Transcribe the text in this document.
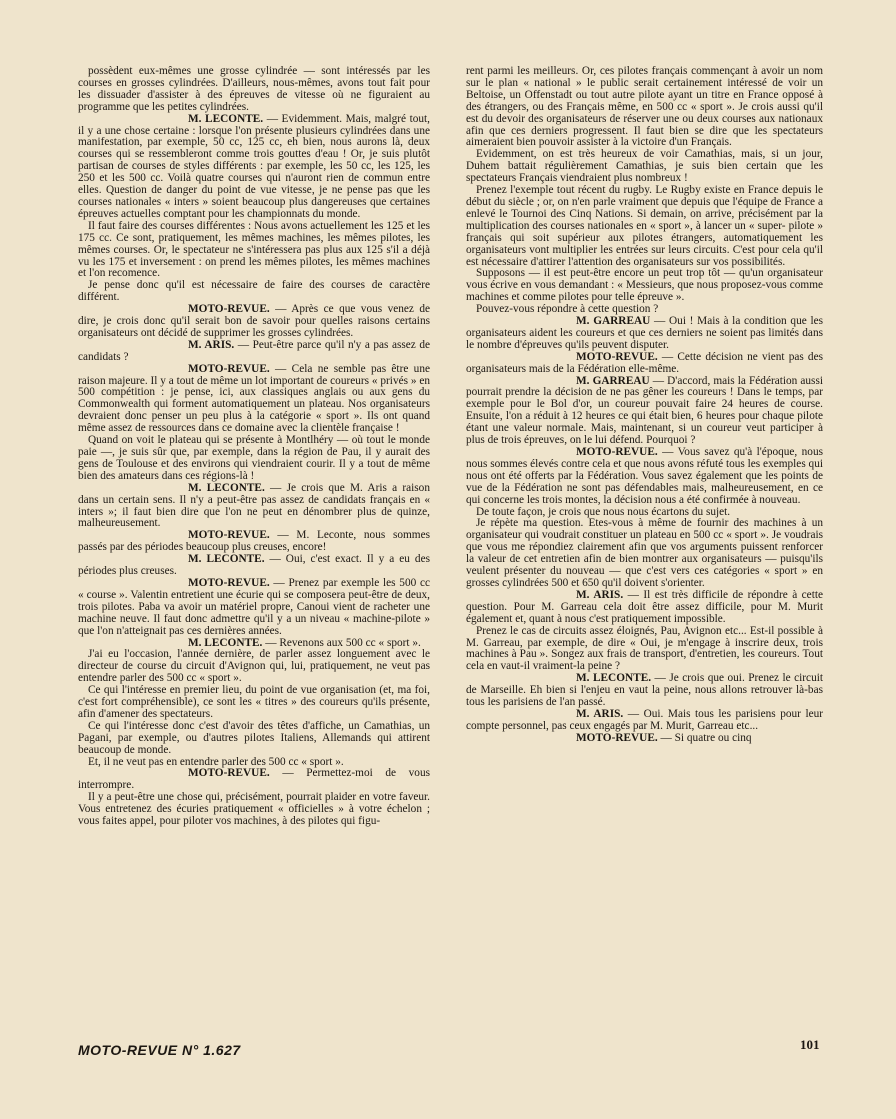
possèdent eux-mêmes une grosse cylindrée — sont intéressés par les courses en grosses cylindrées. D'ailleurs, nous-mêmes, avons tout fait pour les dissuader d'assister à des épreuves de vitesse où ne figuraient au programme que les petites cylindrées.

M. LECONTE. — Evidemment. Mais, malgré tout, il y a une chose certaine : lorsque l'on présente plusieurs cylindrées dans une manifestation, par exemple, 50 cc, 125 cc, eh bien, nous aurons là, deux courses qui se ressembleront comme trois gouttes d'eau ! Or, je suis plutôt partisan de courses de styles différents : par exemple, les 50 cc, les 125, les 250 et les 500 cc. Voilà quatre courses qui n'auront rien de commun entre elles. Question de danger du point de vue vitesse, je ne pense pas que les courses nationales « inters » soient beaucoup plus dangereuses que certaines épreuves actuelles comptant pour les championnats du monde.

Il faut faire des courses différentes : Nous avons actuellement les 125 et les 175 cc. Ce sont, pratiquement, les mêmes machines, les mêmes pilotes, les mêmes courses. Or, le spectateur ne s'intéressera pas plus aux 125 s'il a déjà vu les 175 et inversement : on prend les mêmes pilotes, les mêmes machines et l'on recomence.

Je pense donc qu'il est nécessaire de faire des courses de caractère différent.

MOTO-REVUE. — Après ce que vous venez de dire, je crois donc qu'il serait bon de savoir pour quelles raisons certains organisateurs ont décidé de supprimer les grosses cylindrées.

M. ARIS. — Peut-être parce qu'il n'y a pas assez de candidats ?

MOTO-REVUE. — Cela ne semble pas être une raison majeure. Il y a tout de même un lot important de coureurs « privés » en 500 compétition : je pense, ici, aux classiques anglais ou aux gens du Commonwealth qui forment automatiquement un plateau. Nos organisateurs devraient donc penser un peu plus à la catégorie « sport ». Ils ont quand même assez de ressources dans ce domaine avec la clientèle française !

Quand on voit le plateau qui se présente à Montlhéry — où tout le monde paie —, je suis sûr que, par exemple, dans la région de Pau, il y aurait des gens de Toulouse et des environs qui viendraient courir. Il y a tout de même bien des amateurs dans ces régions-là !

M. LECONTE. — Je crois que M. Aris a raison dans un certain sens. Il n'y a peut-être pas assez de candidats français en « inters »; il faut bien dire que l'on ne peut en dénombrer plus de quinze, malheureusement.

MOTO-REVUE. — M. Leconte, nous sommes passés par des périodes beaucoup plus creuses, encore!

M. LECONTE. — Oui, c'est exact. Il y a eu des périodes plus creuses.

MOTO-REVUE. — Prenez par exemple les 500 cc « course ». Valentin entretient une écurie qui se composera peut-être de deux, trois pilotes. Paba va avoir un matériel propre, Canoui vient de racheter une machine neuve. Il faut donc admettre qu'il y a un niveau « machine-pilote » que l'on n'atteignait pas ces dernières années.

M. LECONTE. — Revenons aux 500 cc « sport ».

J'ai eu l'occasion, l'année dernière, de parler assez longuement avec le directeur de course du circuit d'Avignon qui, lui, pratiquement, ne veut pas entendre parler des 500 cc « sport ».

Ce qui l'intéresse en premier lieu, du point de vue organisation (et, ma foi, c'est fort compréhensible), ce sont les « titres » des coureurs qu'ils présente, afin d'amener des spectateurs.

Ce qui l'intéresse donc c'est d'avoir des têtes d'affiche, un Camathias, un Pagani, par exemple, ou d'autres pilotes Italiens, Allemands qui attirent beaucoup de monde.

Et, il ne veut pas en entendre parler des 500 cc « sport ».

MOTO-REVUE. — Permettez-moi de vous interrompre.

Il y a peut-être une chose qui, précisément, pourrait plaider en votre faveur. Vous entretenez des écuries pratiquement « officielles » à votre échelon ; vous faites appel, pour piloter vos machines, à des pilotes qui figu-

rent parmi les meilleurs. Or, ces pilotes français commençant à avoir un nom sur le plan « national » le public serait certainement intéressé de voir un Beltoise, un Offenstadt ou tout autre pilote ayant un titre en France opposé à des étrangers, ou des Français même, en 500 cc « sport ». Je crois aussi qu'il est du devoir des organisateurs de réserver une ou deux courses aux nationaux afin que ces derniers progressent. Il faut bien se dire que les spectateurs aimeraient bien pouvoir assister à la victoire d'un Français.

Evidemment, on est très heureux de voir Camathias, mais, si un jour, Duhem battait régulièrement Camathias, je suis bien certain que les spectateurs Français viendraient plus nombreux !

Prenez l'exemple tout récent du rugby. Le Rugby existe en France depuis le début du siècle ; or, on n'en parle vraiment que depuis que l'équipe de France a enlevé le Tournoi des Cinq Nations. Si demain, on arrive, précisément par la multiplication des courses nationales en « sport », à lancer un « super- pilote » français qui soit supérieur aux pilotes étrangers, automatiquement les organisateurs vont multiplier les entrées sur leurs circuits. C'est pour cela qu'il est nécessaire d'attirer l'attention des organisateurs sur vos possibilités.

Supposons — il est peut-être encore un peut trop tôt — qu'un organisateur vous écrive en vous demandant : « Messieurs, que nous proposez-vous comme machines et comme pilotes pour telle épreuve ».

Pouvez-vous répondre à cette question ?

M. GARREAU — Oui ! Mais à la condition que les organisateurs aident les coureurs et que ces derniers ne soient pas limités dans le nombre d'épreuves qu'ils peuvent disputer.

MOTO-REVUE. — Cette décision ne vient pas des organisateurs mais de la Fédération elle-même.

M. GARREAU — D'accord, mais la Fédération aussi pourrait prendre la décision de ne pas gêner les coureurs ! Dans le temps, par exemple pour le Bol d'or, un coureur pouvait faire 24 heures de course. Ensuite, l'on a réduit à 12 heures ce qui était bien, 6 heures pour chaque pilote étant une valeur normale. Mais, maintenant, si un coureur veut participer à plus de trois épreuves, on le lui défend. Pourquoi ?

MOTO-REVUE. — Vous savez qu'à l'époque, nous nous sommes élevés contre cela et que nous avons réfuté tous les exemples qui nous ont été offerts par la Fédération. Vous savez également que les points de vue de la Fédération ne sont pas défendables mais, malheureusement, en ce qui concerne les trois montes, la décision nous a été confirmée à nouveau.

De toute façon, je crois que nous nous écartons du sujet.

Je répète ma question. Etes-vous à même de fournir des machines à un organisateur qui voudrait constituer un plateau en 500 cc « sport ». Je voudrais que vous me répondiez clairement afin que vos arguments puissent renforcer la valeur de cet entretien afin de bien montrer aux organisateurs — puisqu'ils veulent présenter du nouveau — que c'est vers ces catégories « sport » en grosses cylindrées 500 et 650 qu'il doivent s'orienter.

M. ARIS. — Il est très difficile de répondre à cette question. Pour M. Garreau cela doit être assez difficile, pour M. Murit également et, quant à nous c'est pratiquement impossible.

Prenez le cas de circuits assez éloignés, Pau, Avignon etc... Est-il possible à M. Garreau, par exemple, de dire « Oui, je m'engage à inscrire deux, trois machines à Pau ». Songez aux frais de transport, d'entretien, les coureurs. Tout cela en vaut-il vraiment-la peine ?

M. LECONTE. — Je crois que oui. Prenez le circuit de Marseille. Eh bien si l'enjeu en vaut la peine, nous allons retrouver là-bas tous les parisiens de l'an passé.

M. ARIS. — Oui. Mais tous les parisiens pour leur compte personnel, pas ceux engagés par M. Murit, Garreau etc...

MOTO-REVUE. — Si quatre ou cinq

MOTO-REVUE N° 1.627	101
